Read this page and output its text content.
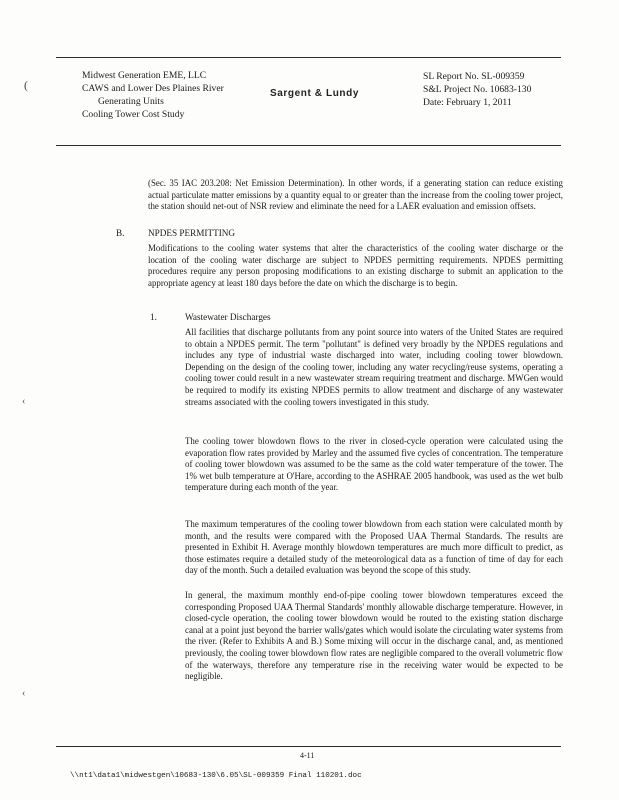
Midwest Generation EME, LLC
CAWS and Lower Des Plaines River
Generating Units
Cooling Tower Cost Study
Sargent & Lundy
SL Report No. SL-009359
S&L Project No. 10683-130
Date: February 1, 2011
(Sec. 35 IAC 203.208: Net Emission Determination). In other words, if a generating station can reduce existing actual particulate matter emissions by a quantity equal to or greater than the increase from the cooling tower project, the station should net-out of NSR review and eliminate the need for a LAER evaluation and emission offsets.
B.	NPDES PERMITTING
Modifications to the cooling water systems that alter the characteristics of the cooling water discharge or the location of the cooling water discharge are subject to NPDES permitting requirements. NPDES permitting procedures require any person proposing modifications to an existing discharge to submit an application to the appropriate agency at least 180 days before the date on which the discharge is to begin.
1.	Wastewater Discharges
All facilities that discharge pollutants from any point source into waters of the United States are required to obtain a NPDES permit. The term "pollutant" is defined very broadly by the NPDES regulations and includes any type of industrial waste discharged into water, including cooling tower blowdown. Depending on the design of the cooling tower, including any water recycling/reuse systems, operating a cooling tower could result in a new wastewater stream requiring treatment and discharge. MWGen would be required to modify its existing NPDES permits to allow treatment and discharge of any wastewater streams associated with the cooling towers investigated in this study.
The cooling tower blowdown flows to the river in closed-cycle operation were calculated using the evaporation flow rates provided by Marley and the assumed five cycles of concentration. The temperature of cooling tower blowdown was assumed to be the same as the cold water temperature of the tower. The 1% wet bulb temperature at O'Hare, according to the ASHRAE 2005 handbook, was used as the wet bulb temperature during each month of the year.
The maximum temperatures of the cooling tower blowdown from each station were calculated month by month, and the results were compared with the Proposed UAA Thermal Standards. The results are presented in Exhibit H. Average monthly blowdown temperatures are much more difficult to predict, as those estimates require a detailed study of the meteorological data as a function of time of day for each day of the month. Such a detailed evaluation was beyond the scope of this study.
In general, the maximum monthly end-of-pipe cooling tower blowdown temperatures exceed the corresponding Proposed UAA Thermal Standards' monthly allowable discharge temperature. However, in closed-cycle operation, the cooling tower blowdown would be routed to the existing station discharge canal at a point just beyond the barrier walls/gates which would isolate the circulating water systems from the river. (Refer to Exhibits A and B.) Some mixing will occur in the discharge canal, and, as mentioned previously, the cooling tower blowdown flow rates are negligible compared to the overall volumetric flow of the waterways, therefore any temperature rise in the receiving water would be expected to be negligible.
4-11
\\nt1\data1\midwestgen\10683-130\6.05\SL-009359 Final 110201.doc
(
‹
‹
